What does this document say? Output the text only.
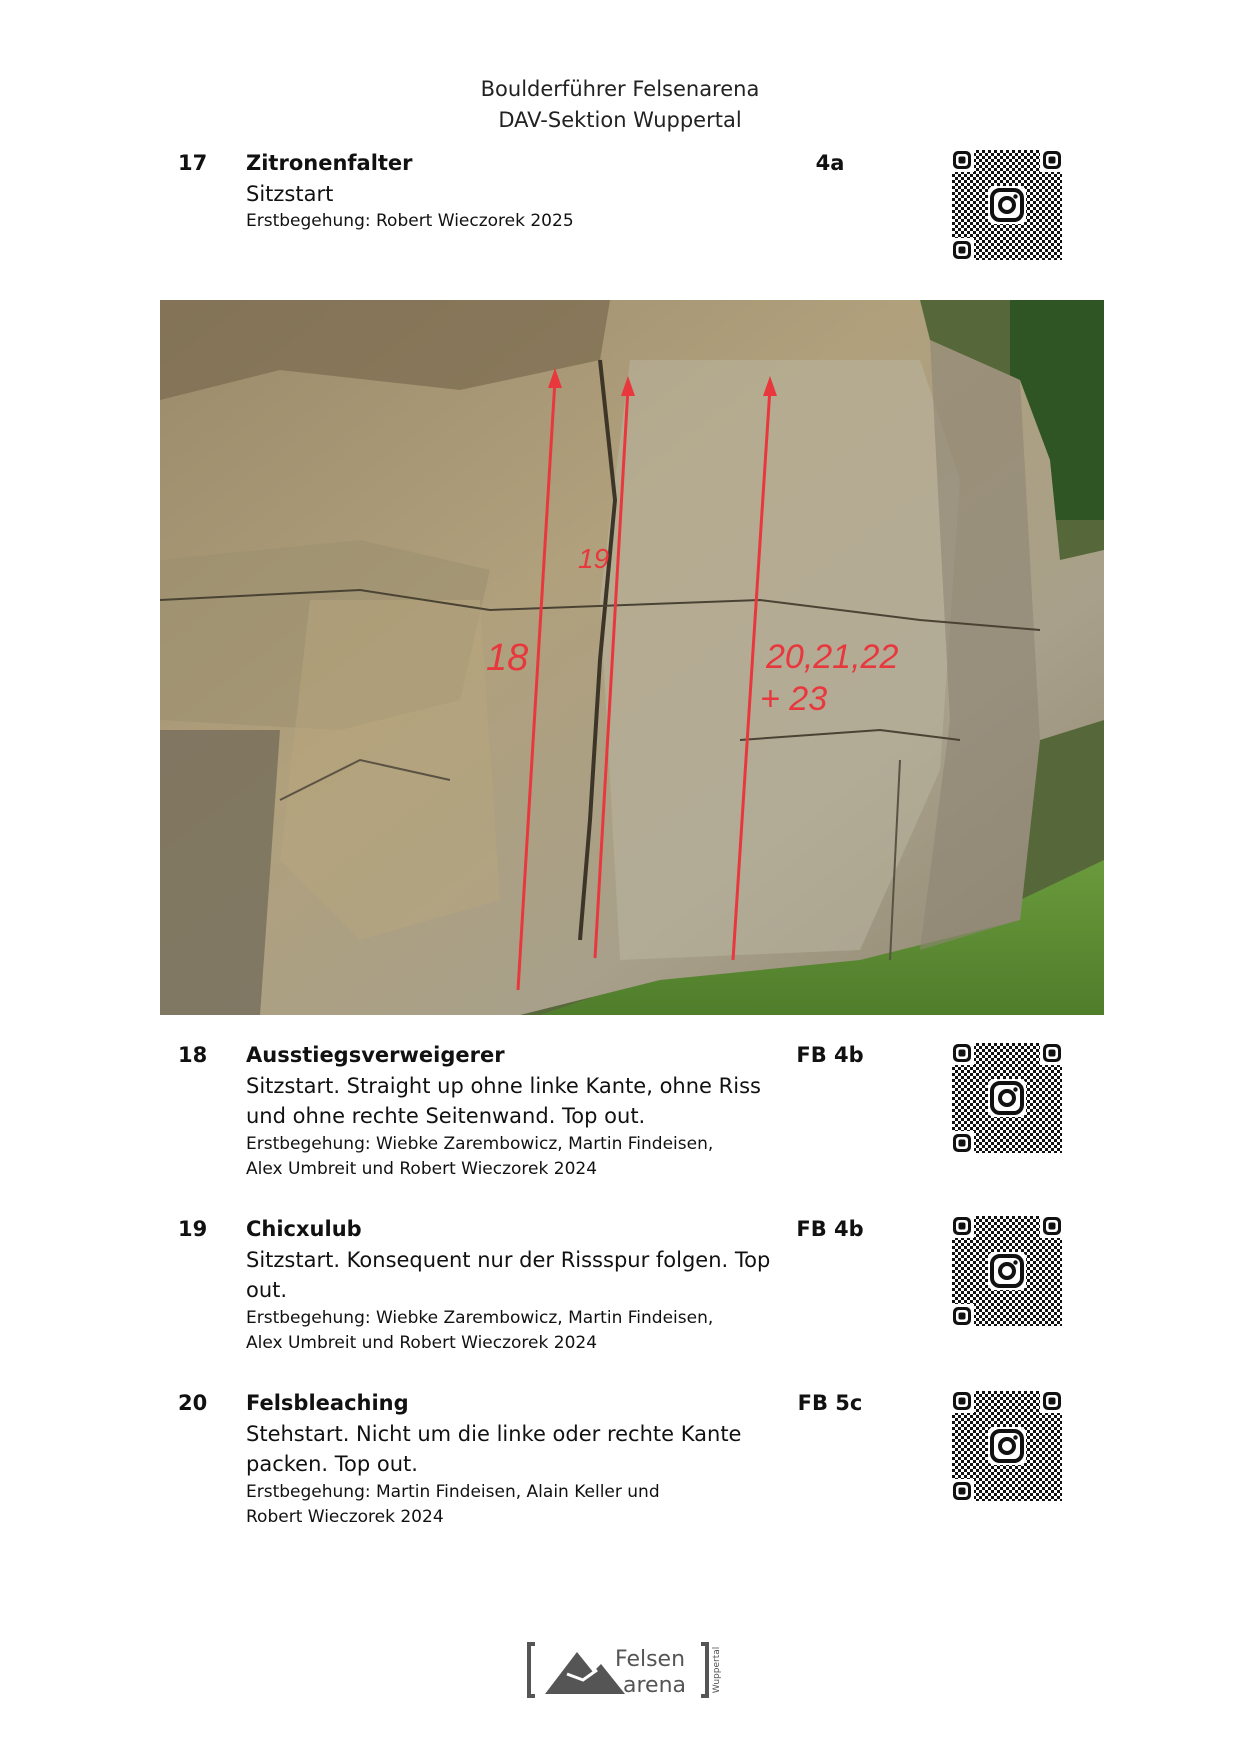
Boulderführer Felsenarena
DAV-Sektion Wuppertal
17 Zitronenfalter	4a
Sitzstart
Erstbegehung: Robert Wieczorek 2025
18
19
20,21,22
+ 23
18 Ausstiegsverweigerer	FB 4b
Sitzstart. Straight up ohne linke Kante, ohne Riss und ohne rechte Seitenwand. Top out.
Erstbegehung: Wiebke Zarembowicz, Martin Findeisen,
Alex Umbreit und Robert Wieczorek 2024
19 Chicxulub	FB 4b
Sitzstart. Konsequent nur der Rissspur folgen. Top out.
Erstbegehung: Wiebke Zarembowicz, Martin Findeisen,
Alex Umbreit und Robert Wieczorek 2024
20 Felsbleaching	FB 5c
Stehstart. Nicht um die linke oder rechte Kante packen. Top out.
Erstbegehung: Martin Findeisen, Alain Keller und
Robert Wieczorek 2024
Felsen
arena	Wuppertal
